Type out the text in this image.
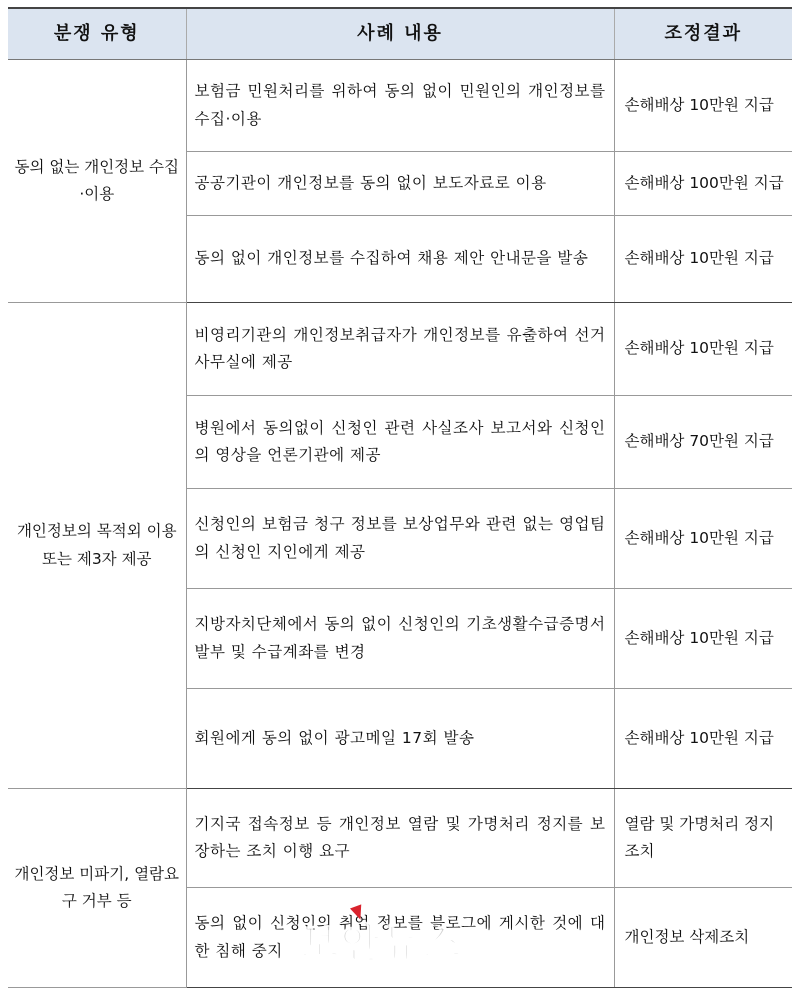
분쟁 유형	사례 내용	조정결과
동의 없는 개인정보 수집·이용	보험금 민원처리를 위하여 동의 없이 민원인의 개인정보를 수집·이용	손해배상 10만원 지급
	공공기관이 개인정보를 동의 없이 보도자료로 이용	손해배상 100만원 지급
	동의 없이 개인정보를 수집하여 채용 제안 안내문을 발송	손해배상 10만원 지급
개인정보의 목적외 이용 또는 제3자 제공	비영리기관의 개인정보취급자가 개인정보를 유출하여 선거사무실에 제공	손해배상 10만원 지급
	병원에서 동의없이 신청인 관련 사실조사 보고서와 신청인의 영상을 언론기관에 제공	손해배상 70만원 지급
	신청인의 보험금 청구 정보를 보상업무와 관련 없는 영업팀의 신청인 지인에게 제공	손해배상 10만원 지급
	지방자치단체에서 동의 없이 신청인의 기초생활수급증명서 발부 및 수급계좌를 변경	손해배상 10만원 지급
	회원에게 동의 없이 광고메일 17회 발송	손해배상 10만원 지급
개인정보 미파기, 열람요구 거부 등	기지국 접속정보 등 개인정보 열람 및 가명처리 정지를 보장하는 조치 이행 요구	열람 및 가명처리 정지 조치
	동의 없이 신청인의 취업 정보를 블로그에 게시한 것에 대한 침해 중지	개인정보 삭제조치
보안뉴스
